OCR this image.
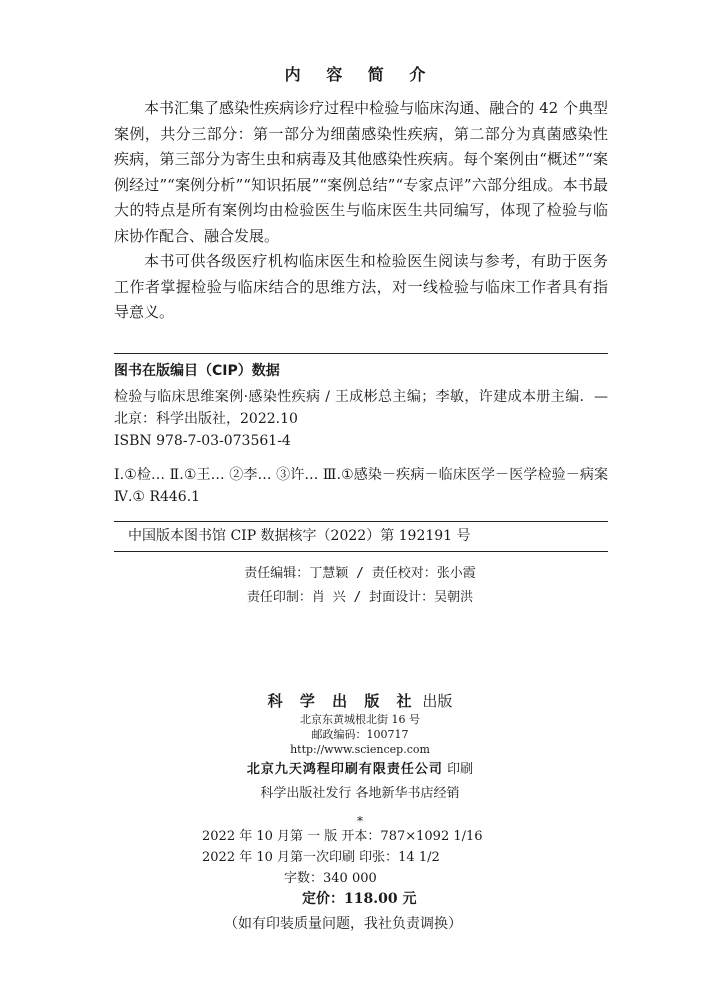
内 容 简 介

本书汇集了感染性疾病诊疗过程中检验与临床沟通、融合的 42 个典型案例，共分三部分：第一部分为细菌感染性疾病，第二部分为真菌感染性疾病，第三部分为寄生虫和病毒及其他感染性疾病。每个案例由“概述”“案例经过”“案例分析”“知识拓展”“案例总结”“专家点评”六部分组成。本书最大的特点是所有案例均由检验医生与临床医生共同编写，体现了检验与临床协作配合、融合发展。

本书可供各级医疗机构临床医生和检验医生阅读与参考，有助于医务工作者掌握检验与临床结合的思维方法，对一线检验与临床工作者具有指导意义。

图书在版编目（CIP）数据

检验与临床思维案例·感染性疾病 / 王成彬总主编；李敏，许建成本册主编．—北京：科学出版社，2022.10

ISBN 978-7-03-073561-4

Ⅰ.①检… Ⅱ.①王… ②李… ③许… Ⅲ.①感染－疾病－临床医学－医学检验－病案 Ⅳ.① R446.1

中国版本图书馆 CIP 数据核字（2022）第 192191 号
责任编辑：丁慧颖 / 责任校对：张小霞
责任印制：肖 兴 / 封面设计：吴朝洪
科 学 出 版 社 出版
北京东黄城根北街 16 号
邮政编码：100717
http://www.sciencep.com
北京九天鸿程印刷有限责任公司 印刷
科学出版社发行 各地新华书店经销
*
2022 年 10 月第 一 版 开本：787×1092 1/16
2022 年 10 月第一次印刷 印张：14 1/2
字数：340 000
定价：118.00 元
（如有印装质量问题，我社负责调换）
